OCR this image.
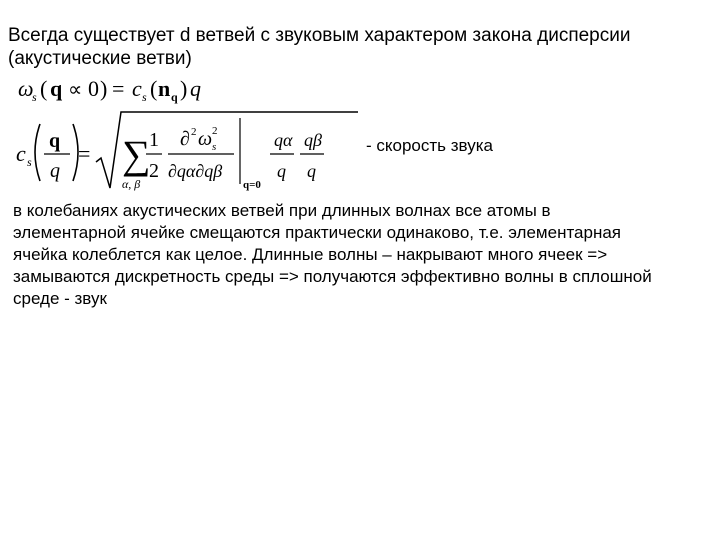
Всегда существует d ветвей с звуковым характером закона дисперсии
(акустические ветви)
ω
s ( q ∝ 0 ) = c s ( n q ) q
c s
q
q
= ∑
α, β
1
2
∂ 2 ω 2
s
∂qα∂qβ
q=0
qα
q
qβ
q
- скорость звука
в колебаниях акустических ветвей при длинных волнах все атомы в
элементарной ячейке смещаются практически одинаково, т.е. элементарная
ячейка колеблется как целое. Длинные волны – накрывают много ячеек =>
замываются дискретность среды => получаются эффективно волны в сплошной
среде - звук
